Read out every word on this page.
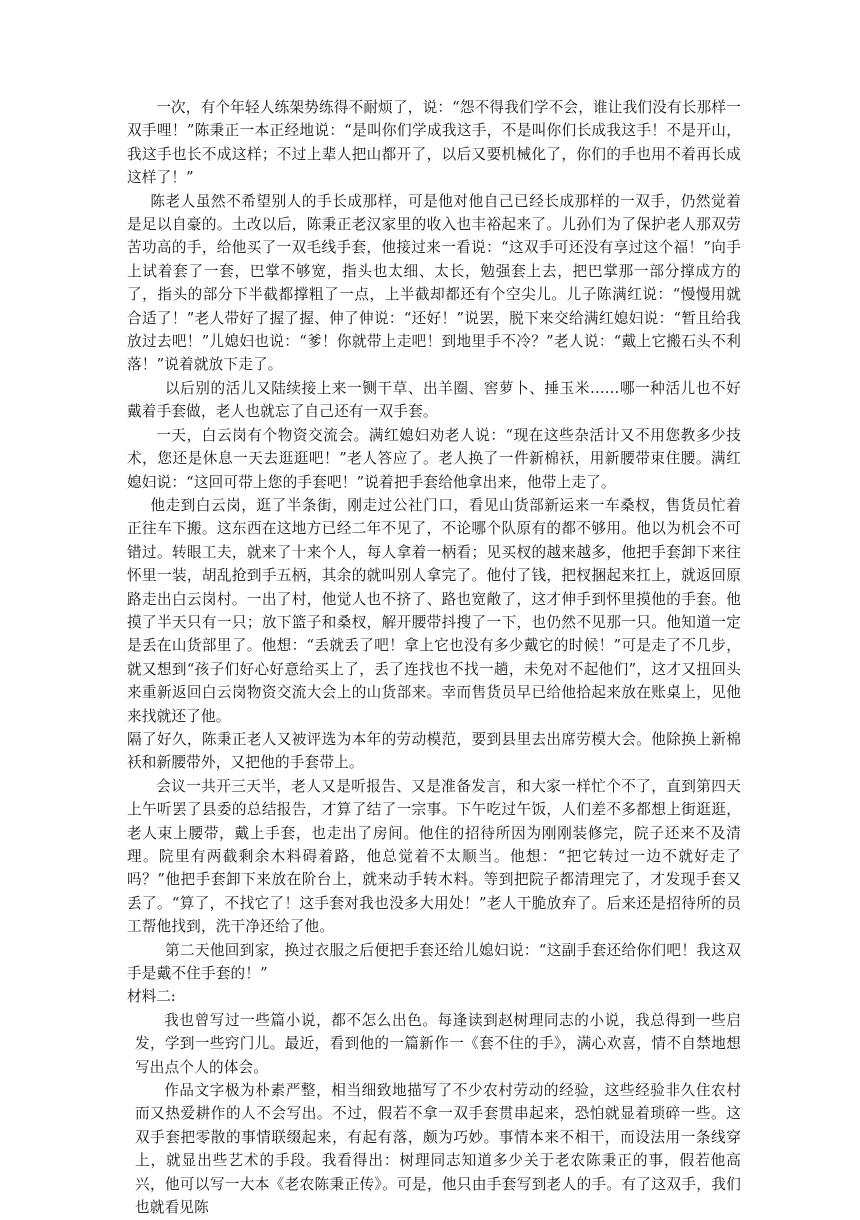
一次，有个年轻人练架势练得不耐烦了，说：“怨不得我们学不会，谁让我们没有长那样一双手哩！”陈秉正一本正经地说：“是叫你们学成我这手，不是叫你们长成我这手！不是开山，我这手也长不成这样；不过上辈人把山都开了，以后又要机械化了，你们的手也用不着再长成这样了！”

陈老人虽然不希望别人的手长成那样，可是他对他自己已经长成那样的一双手，仍然觉着是足以自豪的。土改以后，陈秉正老汉家里的收入也丰裕起来了。儿孙们为了保护老人那双劳苦功高的手，给他买了一双毛线手套，他接过来一看说：“这双手可还没有享过这个福！”向手上试着套了一套，巴掌不够宽，指头也太细、太长，勉强套上去，把巴掌那一部分撑成方的了，指头的部分下半截都撑粗了一点，上半截却都还有个空尖儿。儿子陈满红说：“慢慢用就合适了！”老人带好了握了握、伸了伸说：“还好！”说罢，脱下来交给满红媳妇说：“暂且给我放过去吧！”儿媳妇也说：“爹！你就带上走吧！到地里手不冷？”老人说：“戴上它搬石头不利落！”说着就放下走了。

以后别的活儿又陆续接上来一铡干草、出羊圈、窖萝卜、捶玉米……哪一种活儿也不好戴着手套做，老人也就忘了自己还有一双手套。

一天，白云岗有个物资交流会。满红媳妇劝老人说：“现在这些杂活计又不用您教多少技术，您还是休息一天去逛逛吧！”老人答应了。老人换了一件新棉袄，用新腰带束住腰。满红媳妇说：“这回可带上您的手套吧！”说着把手套给他拿出来，他带上走了。

他走到白云岗，逛了半条街，刚走过公社门口，看见山货部新运来一车桑杈，售货员忙着正往车下搬。这东西在这地方已经二年不见了，不论哪个队原有的都不够用。他以为机会不可错过。转眼工夫，就来了十来个人，每人拿着一柄看；见买杈的越来越多，他把手套卸下来往怀里一装，胡乱抢到手五柄，其余的就叫别人拿完了。他付了钱，把杈捆起来扛上，就返回原路走出白云岗村。一出了村，他觉人也不挤了、路也宽敞了，这才伸手到怀里摸他的手套。他摸了半天只有一只；放下篮子和桑杈，解开腰带抖搜了一下，也仍然不见那一只。他知道一定是丢在山货部里了。他想：“丢就丢了吧！拿上它也没有多少戴它的时候！”可是走了不几步，就又想到“孩子们好心好意给买上了，丢了连找也不找一趟，未免对不起他们”，这才又扭回头来重新返回白云岗物资交流大会上的山货部来。幸而售货员早已给他拾起来放在账桌上，见他来找就还了他。

隔了好久，陈秉正老人又被评选为本年的劳动模范，要到县里去出席劳模大会。他除换上新棉袄和新腰带外，又把他的手套带上。

会议一共开三天半，老人又是听报告、又是准备发言，和大家一样忙个不了，直到第四天上午听罢了县委的总结报告，才算了结了一宗事。下午吃过午饭，人们差不多都想上街逛逛，老人束上腰带，戴上手套，也走出了房间。他住的招待所因为刚刚装修完，院子还来不及清理。院里有两截剩余木料碍着路，他总觉着不太顺当。他想：“把它转过一边不就好走了吗？”他把手套卸下来放在阶台上，就来动手转木料。等到把院子都清理完了，才发现手套又丢了。“算了，不找它了！这手套对我也没多大用处！”老人干脆放弃了。后来还是招待所的员工帮他找到，洗干净还给了他。

第二天他回到家，换过衣服之后便把手套还给儿媳妇说：“这副手套还给你们吧！我这双手是戴不住手套的！”

材料二:

我也曾写过一些篇小说，都不怎么出色。每逢读到赵树理同志的小说，我总得到一些启发，学到一些窍门儿。最近，看到他的一篇新作一《套不住的手》，满心欢喜，情不自禁地想写出点个人的体会。

作品文字极为朴素严整，相当细致地描写了不少农村劳动的经验，这些经验非久住农村而又热爱耕作的人不会写出。不过，假若不拿一双手套贯串起来，恐怕就显着琐碎一些。这双手套把零散的事情联缀起来，有起有落，颇为巧妙。事情本来不相干，而设法用一条线穿上，就显出些艺术的手段。我看得出：树理同志知道多少关于老农陈秉正的事，假若他高兴，他可以写一大本《老农陈秉正传》。可是，他只由手套写到老人的手。有了这双手，我们也就看见陈
